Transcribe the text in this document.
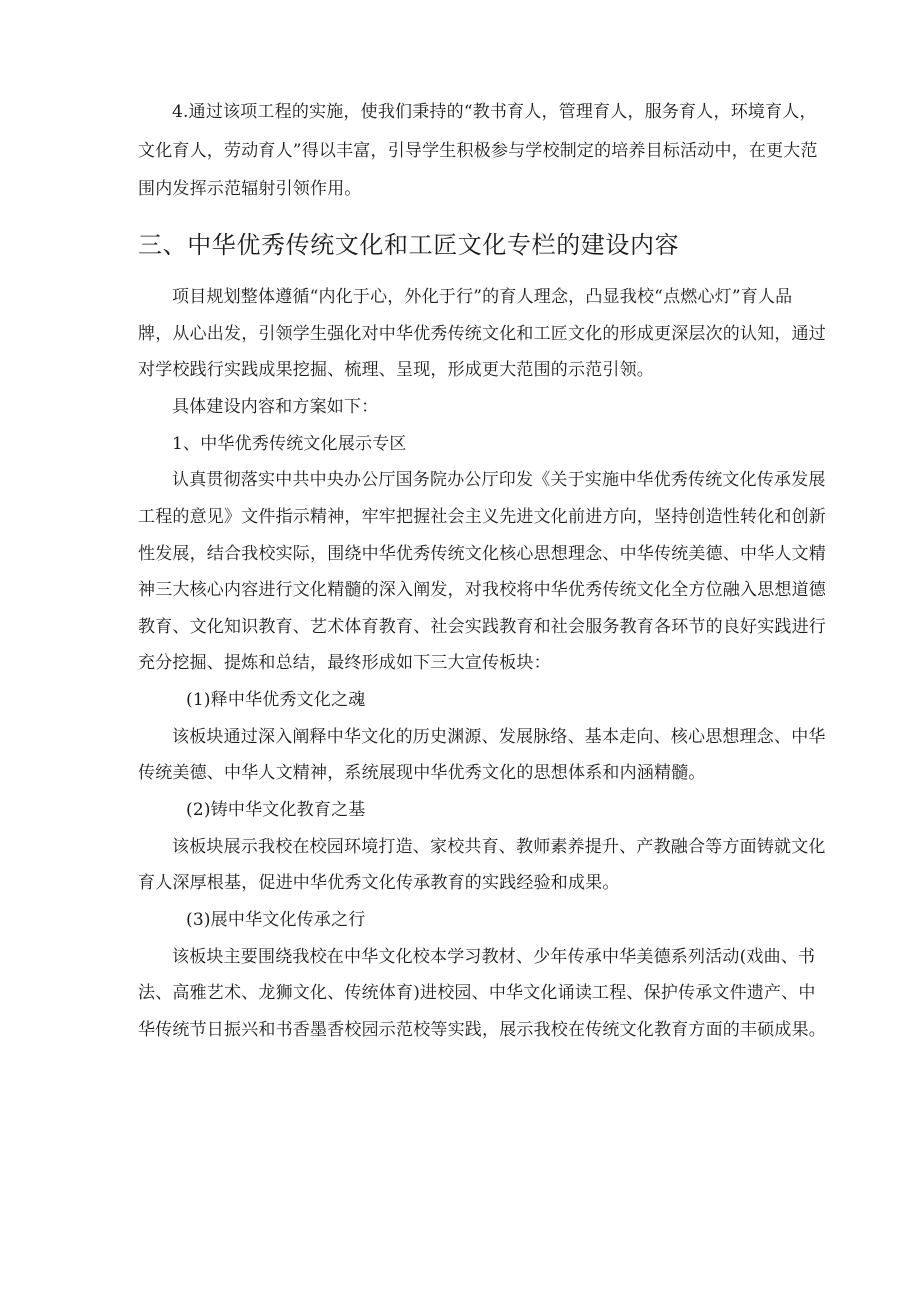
4.通过该项工程的实施，使我们秉持的“教书育人，管理育人，服务育人，环境育人，
文化育人，劳动育人”得以丰富，引导学生积极参与学校制定的培养目标活动中，在更大范
围内发挥示范辐射引领作用。
三、中华优秀传统文化和工匠文化专栏的建设内容
项目规划整体遵循“内化于心，外化于行”的育人理念，凸显我校“点燃心灯”育人品
牌，从心出发，引领学生强化对中华优秀传统文化和工匠文化的形成更深层次的认知，通过
对学校践行实践成果挖掘、梳理、呈现，形成更大范围的示范引领。
具体建设内容和方案如下：
1、中华优秀传统文化展示专区
认真贯彻落实中共中央办公厅国务院办公厅印发《关于实施中华优秀传统文化传承发展
工程的意见》文件指示精神，牢牢把握社会主义先进文化前进方向，坚持创造性转化和创新
性发展，结合我校实际，围绕中华优秀传统文化核心思想理念、中华传统美德、中华人文精
神三大核心内容进行文化精髓的深入阐发，对我校将中华优秀传统文化全方位融入思想道德
教育、文化知识教育、艺术体育教育、社会实践教育和社会服务教育各环节的良好实践进行
充分挖掘、提炼和总结，最终形成如下三大宣传板块：
(1)释中华优秀文化之魂
该板块通过深入阐释中华文化的历史渊源、发展脉络、基本走向、核心思想理念、中华
传统美德、中华人文精神，系统展现中华优秀文化的思想体系和内涵精髓。
(2)铸中华文化教育之基
该板块展示我校在校园环境打造、家校共育、教师素养提升、产教融合等方面铸就文化
育人深厚根基，促进中华优秀文化传承教育的实践经验和成果。
(3)展中华文化传承之行
该板块主要围绕我校在中华文化校本学习教材、少年传承中华美德系列活动(戏曲、书
法、高雅艺术、龙狮文化、传统体育)进校园、中华文化诵读工程、保护传承文件遗产、中
华传统节日振兴和书香墨香校园示范校等实践，展示我校在传统文化教育方面的丰硕成果。
